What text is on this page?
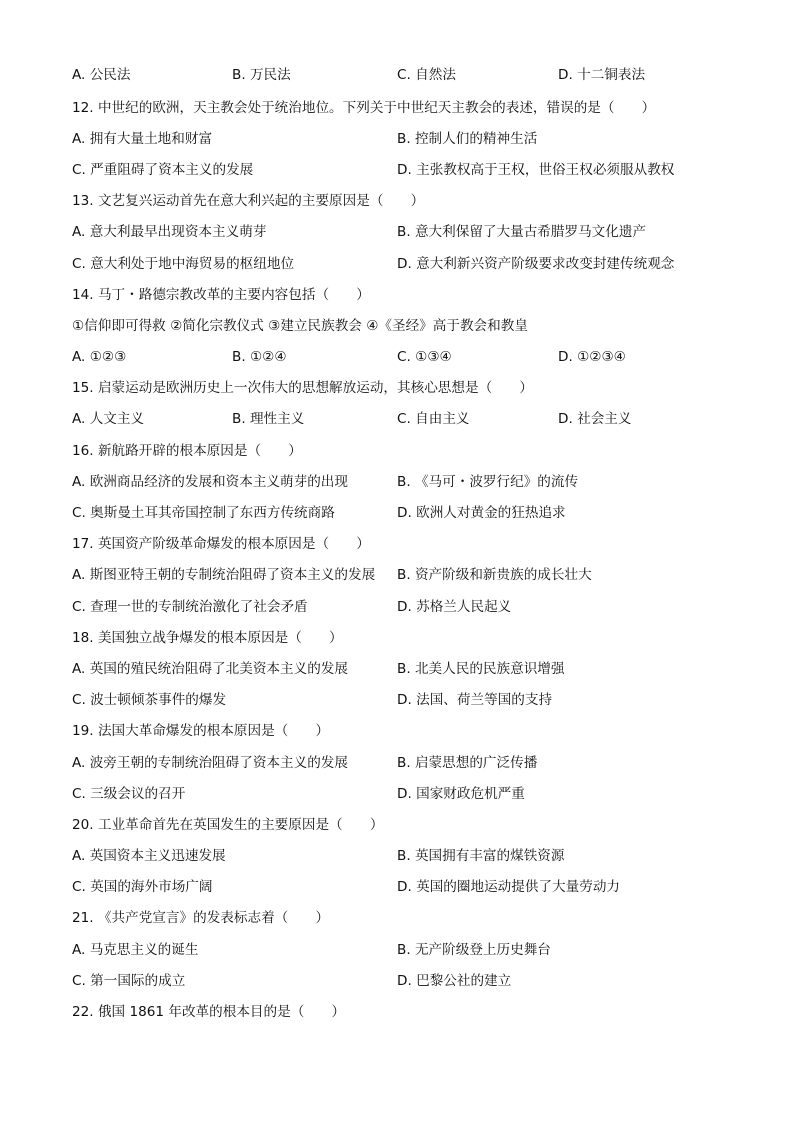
A. 公民法	B. 万民法	C. 自然法	D. 十二铜表法
12. 中世纪的欧洲，天主教会处于统治地位。下列关于中世纪天主教会的表述，错误的是（　　）
A. 拥有大量土地和财富	B. 控制人们的精神生活
C. 严重阻碍了资本主义的发展	D. 主张教权高于王权，世俗王权必须服从教权
13. 文艺复兴运动首先在意大利兴起的主要原因是（　　）
A. 意大利最早出现资本主义萌芽	B. 意大利保留了大量古希腊罗马文化遗产
C. 意大利处于地中海贸易的枢纽地位	D. 意大利新兴资产阶级要求改变封建传统观念
14. 马丁・路德宗教改革的主要内容包括（　　）
①信仰即可得救 ②简化宗教仪式 ③建立民族教会 ④《圣经》高于教会和教皇
A. ①②③	B. ①②④	C. ①③④	D. ①②③④
15. 启蒙运动是欧洲历史上一次伟大的思想解放运动，其核心思想是（　　）
A. 人文主义	B. 理性主义	C. 自由主义	D. 社会主义
16. 新航路开辟的根本原因是（　　）
A. 欧洲商品经济的发展和资本主义萌芽的出现	B. 《马可・波罗行纪》的流传
C. 奥斯曼土耳其帝国控制了东西方传统商路	D. 欧洲人对黄金的狂热追求
17. 英国资产阶级革命爆发的根本原因是（　　）
A. 斯图亚特王朝的专制统治阻碍了资本主义的发展 B. 资产阶级和新贵族的成长壮大
C. 查理一世的专制统治激化了社会矛盾	D. 苏格兰人民起义
18. 美国独立战争爆发的根本原因是（　　）
A. 英国的殖民统治阻碍了北美资本主义的发展	B. 北美人民的民族意识增强
C. 波士顿倾茶事件的爆发	D. 法国、荷兰等国的支持
19. 法国大革命爆发的根本原因是（　　）
A. 波旁王朝的专制统治阻碍了资本主义的发展	B. 启蒙思想的广泛传播
C. 三级会议的召开	D. 国家财政危机严重
20. 工业革命首先在英国发生的主要原因是（　　）
A. 英国资本主义迅速发展	B. 英国拥有丰富的煤铁资源
C. 英国的海外市场广阔	D. 英国的圈地运动提供了大量劳动力
21. 《共产党宣言》的发表标志着（　　）
A. 马克思主义的诞生	B. 无产阶级登上历史舞台
C. 第一国际的成立	D. 巴黎公社的建立
22. 俄国 1861 年改革的根本目的是（　　）
